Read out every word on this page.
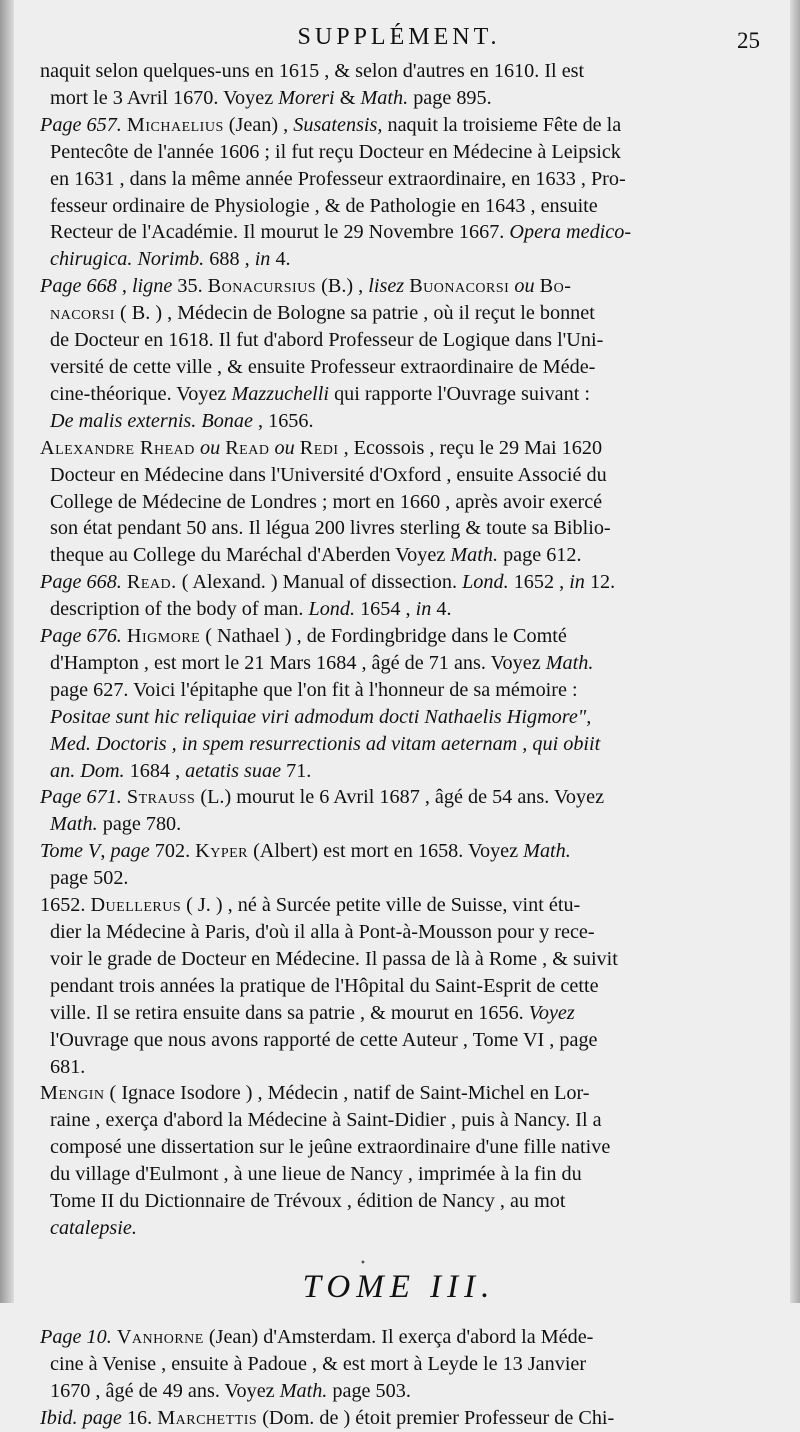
SUPPLÉMENT.	25
naquit selon quelques-uns en 1615 , & selon d'autres en 1610. Il est
mort le 3 Avril 1670. Voyez Moreri & Math. page 895.
Page 657. Michaelius (Jean) , Susatensis, naquit la troisieme Fête de la
Pentecôte de l'année 1606 ; il fut reçu Docteur en Médecine à Leipsick
en 1631 , dans la même année Professeur extraordinaire, en 1633 , Pro-
fesseur ordinaire de Physiologie , & de Pathologie en 1643 , ensuite
Recteur de l'Académie. Il mourut le 29 Novembre 1667. Opera medico-
chirugica. Norimb. 688 , in 4.
Page 668 , ligne 35. Bonacursius (B.) , lisez Buonacorsi ou Bo-
nacorsi ( B. ) , Médecin de Bologne sa patrie , où il reçut le bonnet
de Docteur en 1618. Il fut d'abord Professeur de Logique dans l'Uni-
versité de cette ville , & ensuite Professeur extraordinaire de Méde-
cine-théorique. Voyez Mazzuchelli qui rapporte l'Ouvrage suivant :
De malis externis. Bonae , 1656.
Alexandre Rhead ou Read ou Redi , Ecossois , reçu le 29 Mai 1620
Docteur en Médecine dans l'Université d'Oxford , ensuite Associé du
College de Médecine de Londres ; mort en 1660 , après avoir exercé
son état pendant 50 ans. Il légua 200 livres sterling & toute sa Biblio-
theque au College du Maréchal d'Aberden Voyez Math. page 612.
Page 668. Read. ( Alexand. ) Manual of dissection. Lond. 1652 , in 12.
description of the body of man. Lond. 1654 , in 4.
Page 676. Higmore ( Nathael ) , de Fordingbridge dans le Comté
d'Hampton , est mort le 21 Mars 1684 , âgé de 71 ans. Voyez Math.
page 627. Voici l'épitaphe que l'on fit à l'honneur de sa mémoire :
Positae sunt hic reliquiae viri admodum docti Nathaelis Higmore",
Med. Doctoris , in spem resurrectionis ad vitam aeternam , qui obiit
an. Dom. 1684 , aetatis suae 71.
Page 671. Strauss (L.) mourut le 6 Avril 1687 , âgé de 54 ans. Voyez
Math. page 780.
Tome V, page 702. Kyper (Albert) est mort en 1658. Voyez Math.
page 502.
1652. Duellerus ( J. ) , né à Surcée petite ville de Suisse, vint étu-
dier la Médecine à Paris, d'où il alla à Pont-à-Mousson pour y rece-
voir le grade de Docteur en Médecine. Il passa de là à Rome , & suivit
pendant trois années la pratique de l'Hôpital du Saint-Esprit de cette
ville. Il se retira ensuite dans sa patrie , & mourut en 1656. Voyez
l'Ouvrage que nous avons rapporté de cette Auteur , Tome VI , page
681.
Mengin ( Ignace Isodore ) , Médecin , natif de Saint-Michel en Lor-
raine , exerça d'abord la Médecine à Saint-Didier , puis à Nancy. Il a
composé une dissertation sur le jeûne extraordinaire d'une fille native
du village d'Eulmont , à une lieue de Nancy , imprimée à la fin du
Tome II du Dictionnaire de Trévoux , édition de Nancy , au mot
catalepsie.
TOME III.
Page 10. Vanhorne (Jean) d'Amsterdam. Il exerça d'abord la Méde-
cine à Venise , ensuite à Padoue , & est mort à Leyde le 13 Janvier
1670 , âgé de 49 ans. Voyez Math. page 503.
Ibid. page 16. Marchettis (Dom. de ) étoit premier Professeur de Chi-
•
